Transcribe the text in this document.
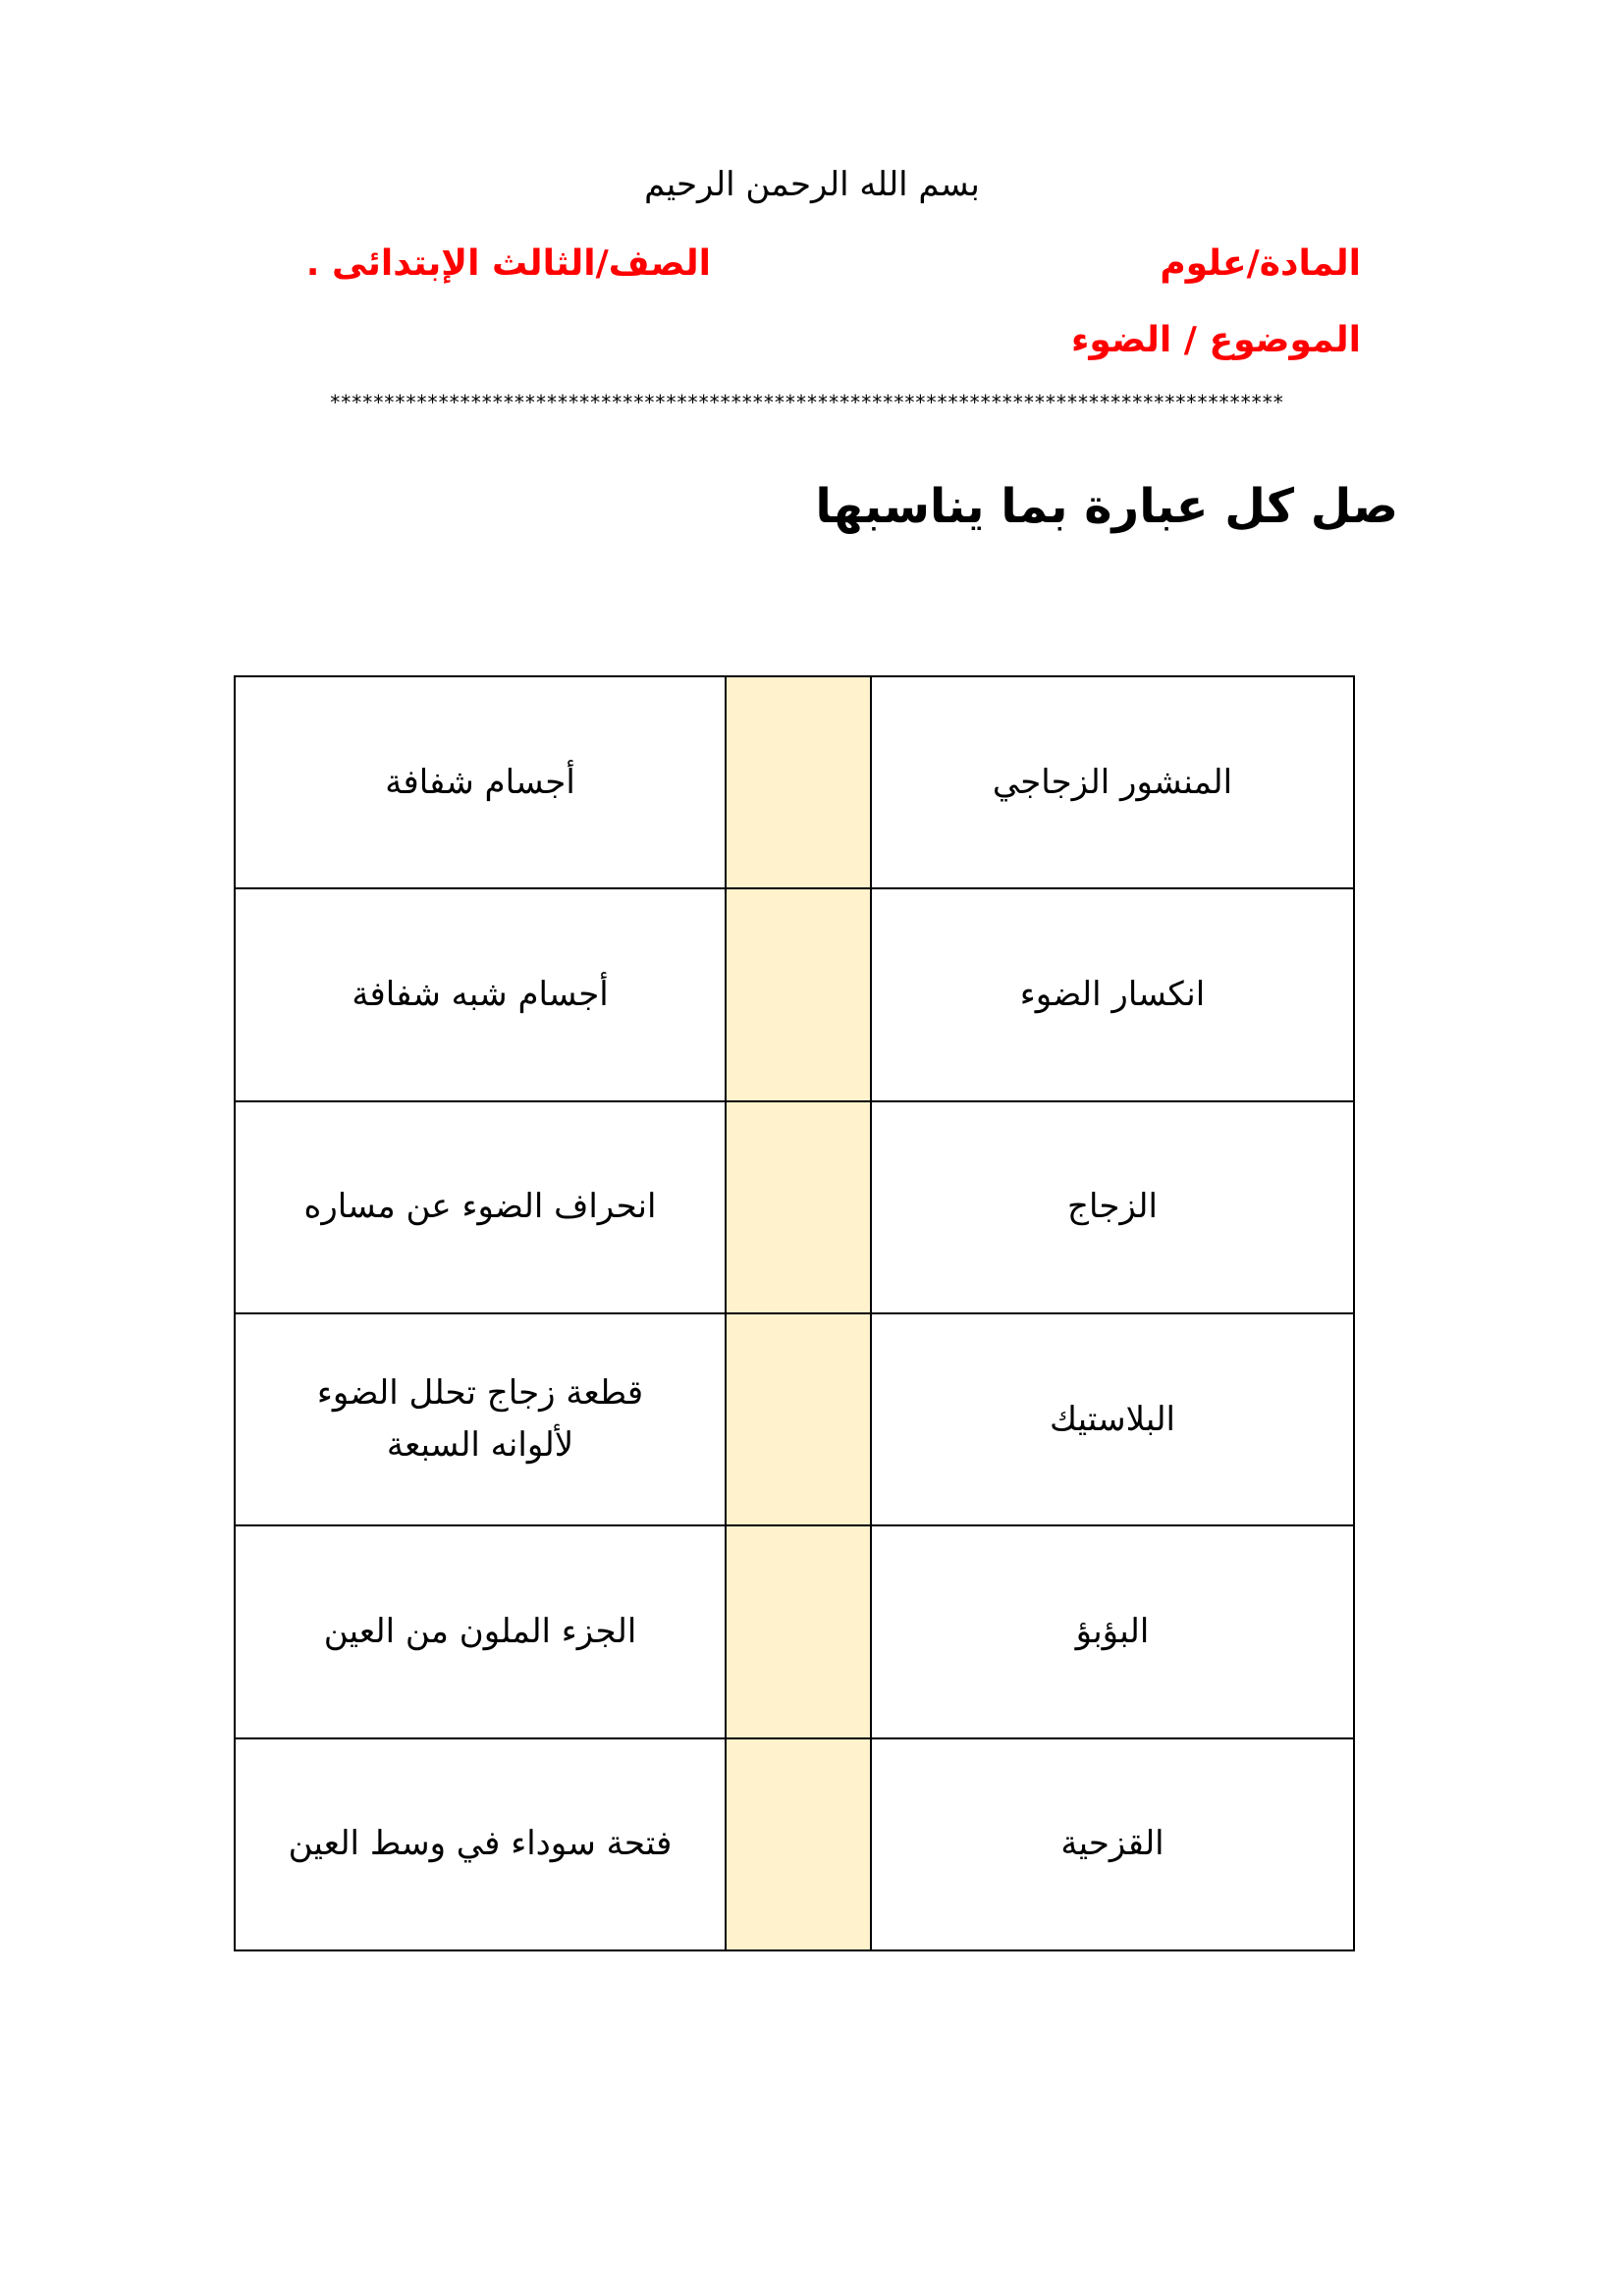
بسم الله الرحمن الرحيم
المادة/علوم
الصف/الثالث الإبتدائى .
الموضوع / الضوء
****************************************************************************************
صل كل عبارة بما يناسبها
أجسام شفافة		المنشور الزجاجي
أجسام شبه شفافة		انكسار الضوء
انحراف الضوء عن مساره		الزجاج
قطعة زجاج تحلل الضوء لألوانه السبعة		البلاستيك
الجزء الملون من العين		البؤبؤ
فتحة سوداء في وسط العين		القزحية
